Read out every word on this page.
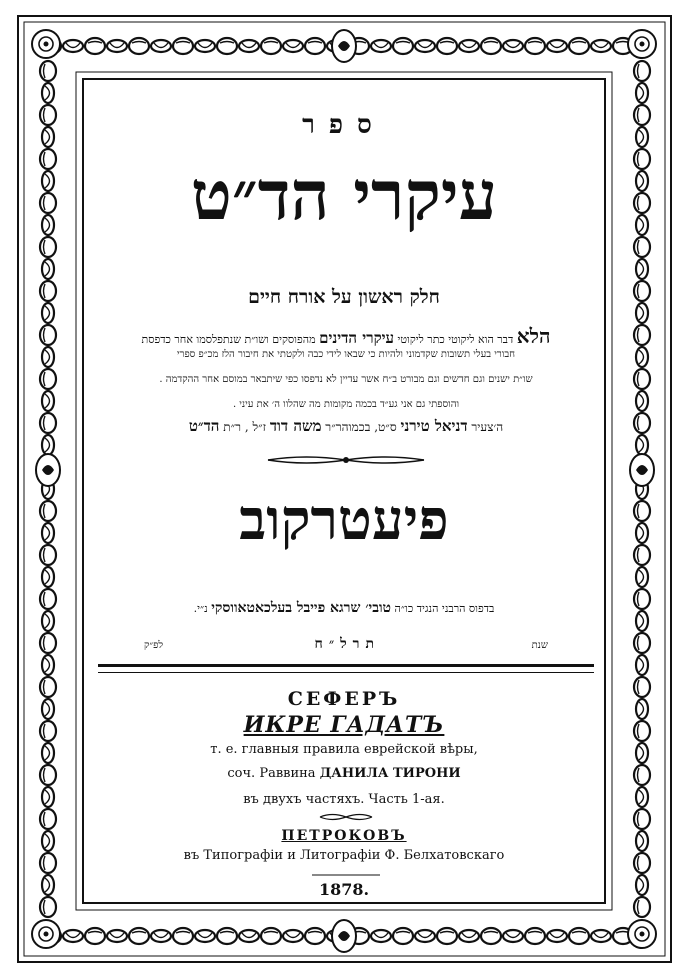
ספר
עיקרי הד״ט
חלק ראשון על אורח חיים
הלא דבר הוא ליקוטי כתר ליקוטי עיקרי הדינים מהפוסקים ושו״ת שנתפלסמו אחר כדפסת
חבורי בעלי תשובות שקדמוני ולהיות כי שבאו לידי כבה ולקטתי את חיבור הלז מכ״פ ספרי
שו״ת ישנים וגם חדשים וגם מבורט ב״ח אשר עדיין לא נדפסו כפי שיתבאר במוסם אחר ההקדמה .
והוספתי גם אני גע״ד בכמה מקומות מה שהלוו ה׳ את עיני .
ה׳צעיר דניאל טירני ס״ט, בכמוהר״ר משה דוד ז״ל , ר״ת הד״ט
פיעטרקוב
בדפוס הרבני הנגיד כו״ה טובי׳ שרגא פייבל בעלכאטאווסקי נ״י.
שנת
תרל״ח
לפ״ק
СЕФЕРЪ
ИКРЕ ГАДАТЪ
т. е. главныя правила еврейской вѣры,
соч. Раввина ДАНИЛА ТИРОНИ
въ двухъ частяхъ. Часть 1-ая.
ПЕТРОКОВЪ
въ Типографіи и Литографіи Ф. Белхатовскаго
1878.
